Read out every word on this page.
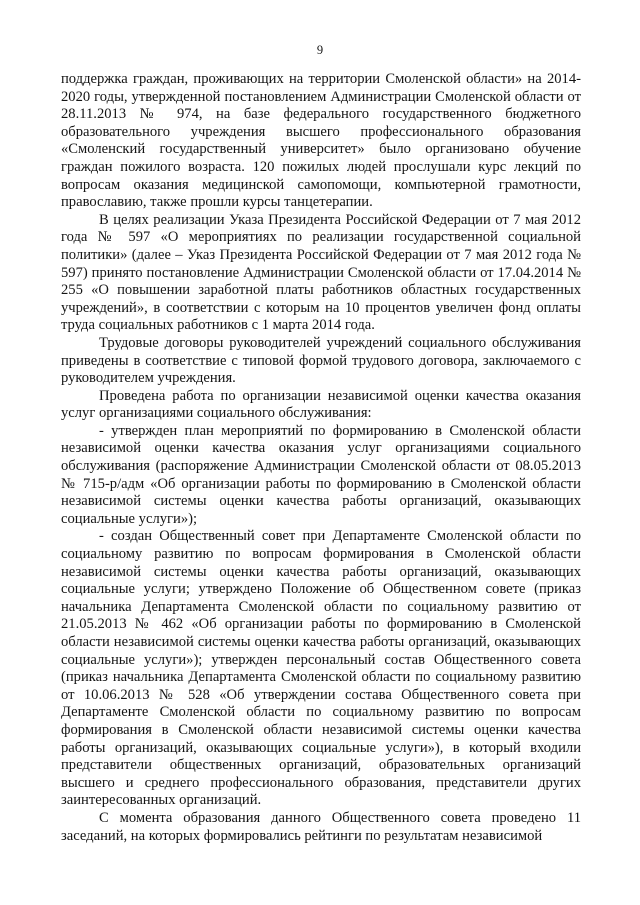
9

поддержка граждан, проживающих на территории Смоленской области» на 2014-2020 годы, утвержденной постановлением Администрации Смоленской области от 28.11.2013 № 974, на базе федерального государственного бюджетного образовательного учреждения высшего профессионального образования «Смоленский государственный университет» было организовано обучение граждан пожилого возраста. 120 пожилых людей прослушали курс лекций по вопросам оказания медицинской самопомощи, компьютерной грамотности, православию, также прошли курсы танцетерапии.

В целях реализации Указа Президента Российской Федерации от 7 мая 2012 года № 597 «О мероприятиях по реализации государственной социальной политики» (далее – Указ Президента Российской Федерации от 7 мая 2012 года № 597) принято постановление Администрации Смоленской области от 17.04.2014 № 255 «О повышении заработной платы работников областных государственных учреждений», в соответствии с которым на 10 процентов увеличен фонд оплаты труда социальных работников с 1 марта 2014 года.

Трудовые договоры руководителей учреждений социального обслуживания приведены в соответствие с типовой формой трудового договора, заключаемого с руководителем учреждения.

Проведена работа по организации независимой оценки качества оказания услуг организациями социального обслуживания:

- утвержден план мероприятий по формированию в Смоленской области независимой оценки качества оказания услуг организациями социального обслуживания (распоряжение Администрации Смоленской области от 08.05.2013 № 715-р/адм «Об организации работы по формированию в Смоленской области независимой системы оценки качества работы организаций, оказывающих социальные услуги»);

- создан Общественный совет при Департаменте Смоленской области по социальному развитию по вопросам формирования в Смоленской области независимой системы оценки качества работы организаций, оказывающих социальные услуги; утверждено Положение об Общественном совете (приказ начальника Департамента Смоленской области по социальному развитию от 21.05.2013 № 462 «Об организации работы по формированию в Смоленской области независимой системы оценки качества работы организаций, оказывающих социальные услуги»); утвержден персональный состав Общественного совета (приказ начальника Департамента Смоленской области по социальному развитию от 10.06.2013 № 528 «Об утверждении состава Общественного совета при Департаменте Смоленской области по социальному развитию по вопросам формирования в Смоленской области независимой системы оценки качества работы организаций, оказывающих социальные услуги»), в который входили представители общественных организаций, образовательных организаций высшего и среднего профессионального образования, представители других заинтересованных организаций.

С момента образования данного Общественного совета проведено 11 заседаний, на которых формировались рейтинги по результатам независимой
